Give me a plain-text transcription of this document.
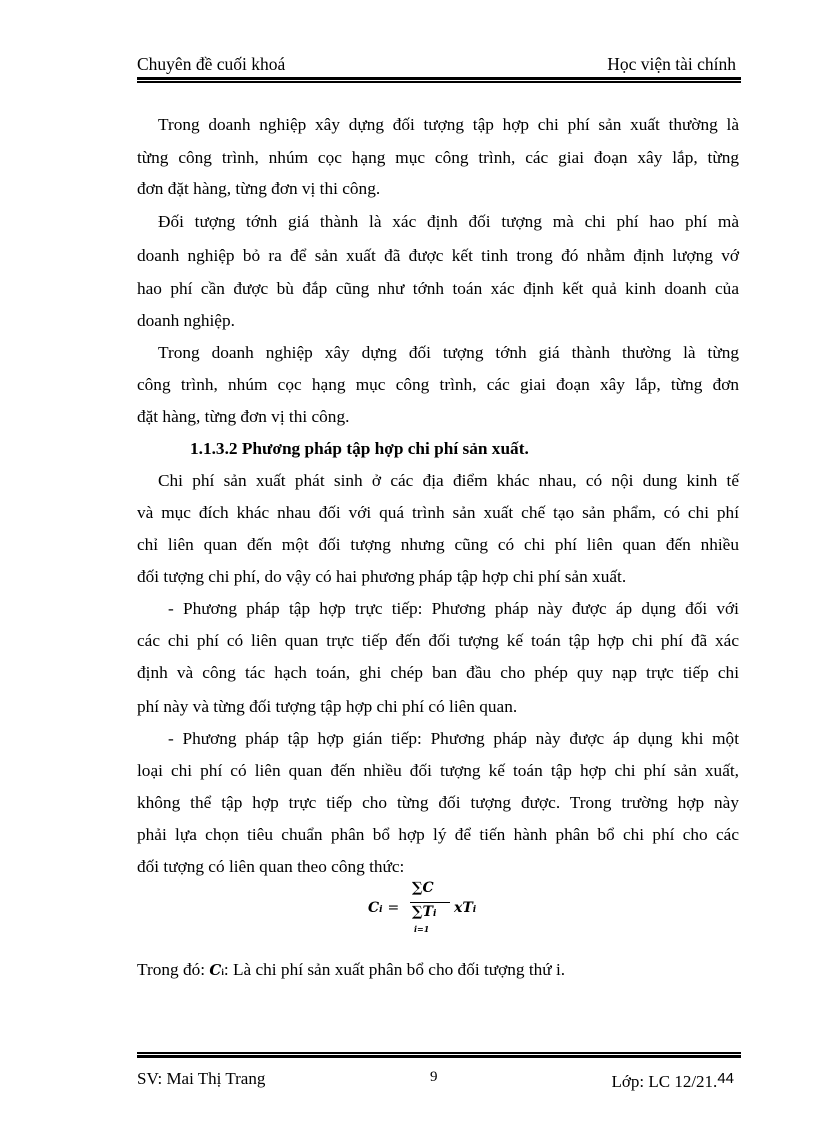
Chuyên đề cuối khoá	Học viện tài chính
Trong doanh nghiệp xây dựng đối tượng tập hợp chi phí sản xuất thường là
từng công trình, nhúm cọc hạng mục công trình, các giai đoạn xây lắp, từng
đơn đặt hàng, từng đơn vị thi công.
Đối tượng tớnh giá thành là xác định đối tượng mà chi phí hao phí mà
doanh nghiệp bỏ ra để sản xuất đã được kết tinh trong đó nhằm định lượng vớ
hao phí cần được bù đắp cũng như tớnh toán xác định kết quả kinh doanh của
doanh nghiệp.
Trong doanh nghiệp xây dựng đối tượng tớnh giá thành thường là từng
công trình, nhúm cọc hạng mục công trình, các giai đoạn xây lắp, từng đơn
đặt hàng, từng đơn vị thi công.
1.1.3.2 Phương pháp tập hợp chi phí sản xuất.
Chi phí sản xuất phát sinh ở các địa điểm khác nhau, có nội dung kinh tế
và mục đích khác nhau đối với quá trình sản xuất chế tạo sản phẩm, có chi phí
chỉ liên quan đến một đối tượng nhưng cũng có chi phí liên quan đến nhiều
đối tượng chi phí, do vậy có hai phương pháp tập hợp chi phí sản xuất.
- Phương pháp tập hợp trực tiếp: Phương pháp này được áp dụng đối với
các chi phí có liên quan trực tiếp đến đối tượng kế toán tập hợp chi phí đã xác
định và công tác hạch toán, ghi chép ban đầu cho phép quy nạp trực tiếp chi
phí này và từng đối tượng tập hợp chi phí có liên quan.
- Phương pháp tập hợp gián tiếp: Phương pháp này được áp dụng khi một
loại chi phí có liên quan đến nhiều đối tượng kế toán tập hợp chi phí sản xuất,
không thể tập hợp trực tiếp cho từng đối tượng được. Trong trường hợp này
phải lựa chọn tiêu chuẩn phân bổ hợp lý để tiến hành phân bổ chi phí cho các
đối tượng có liên quan theo công thức:
Ci =
∑C
∑Ti
i=1
xTi
Trong đó: Ci: Là chi phí sản xuất phân bổ cho đối tượng thứ i.
SV: Mai Thị Trang	9	Lớp: LC 12/21.44
